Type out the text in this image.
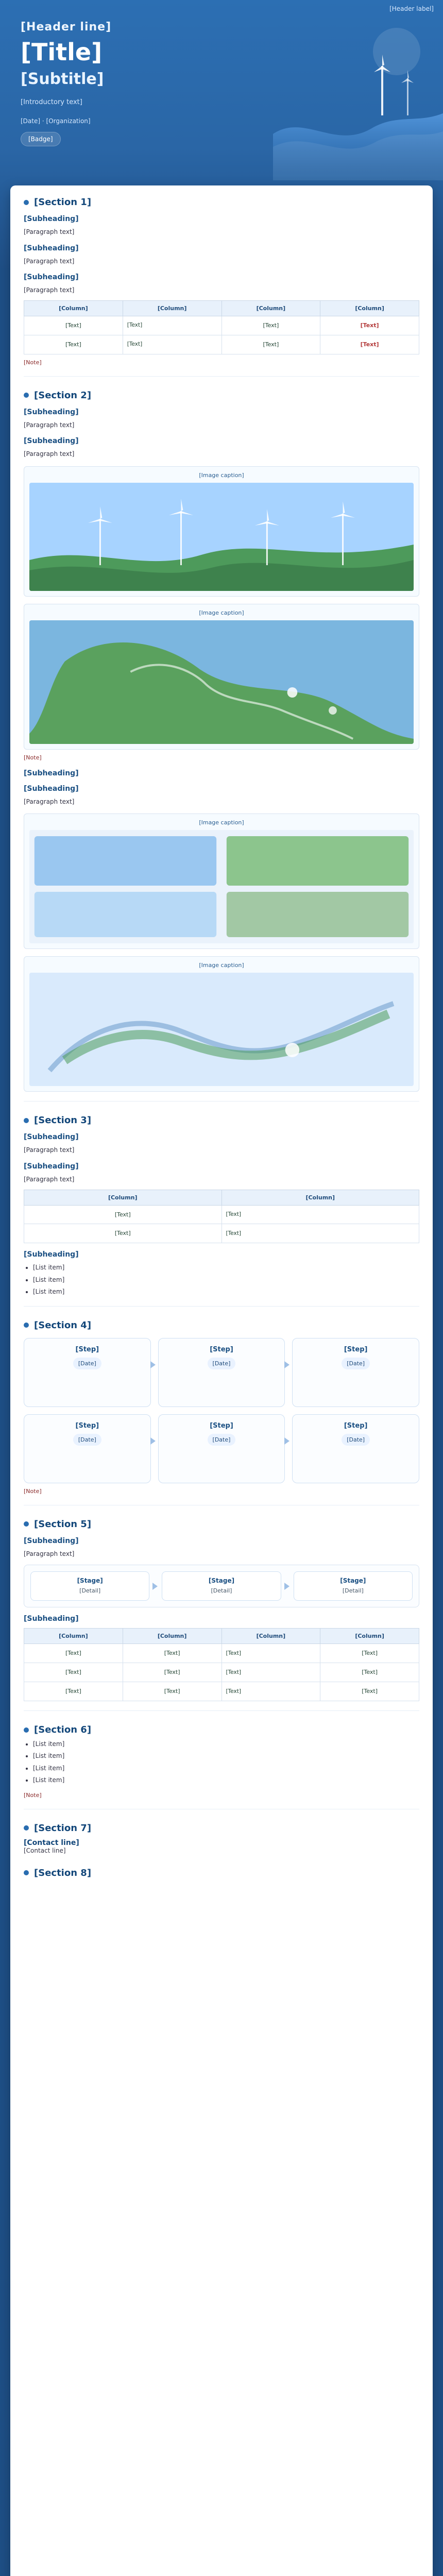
[Header label]
[Header line]
[Title]
[Subtitle]
[Introductory text]
[Date] · [Organization]
[Badge]
[Section 1]
[Subheading]
[Paragraph text]
[Subheading]
[Paragraph text]
[Subheading]
[Paragraph text]
[Column]	[Column]	[Column]	[Column]
[Text]	[Text]	[Text]	[Text]
[Text]	[Text]	[Text]	[Text]
[Note]
[Section 2]
[Subheading]
[Paragraph text]
[Subheading]
[Paragraph text]
[Image caption]
[Image caption]
[Note]
[Subheading]
[Subheading]
[Paragraph text]
[Image caption]
[Image caption]
[Section 3]
[Subheading]
[Paragraph text]
[Subheading]
[Paragraph text]
[Column]	[Column]
[Text]	[Text]
[Text]	[Text]
[Subheading]
• [List item]
• [List item]
• [List item]
[Section 4]
[Step]
[Date]
[Step]
[Date]
[Step]
[Date]
[Step]
[Date]
[Step]
[Date]
[Step]
[Date]
[Note]
[Section 5]
[Subheading]
[Paragraph text]
[Stage]
[Detail]
[Stage]
[Detail]
[Stage]
[Detail]
[Subheading]
[Column]	[Column]	[Column]	[Column]
[Text]	[Text]	[Text]	[Text]
[Text]	[Text]	[Text]	[Text]
[Text]	[Text]	[Text]	[Text]
[Section 6]
• [List item]
• [List item]
• [List item]
• [List item]
[Note]
[Section 7]
[Contact line]
[Contact line]
[Section 8]
